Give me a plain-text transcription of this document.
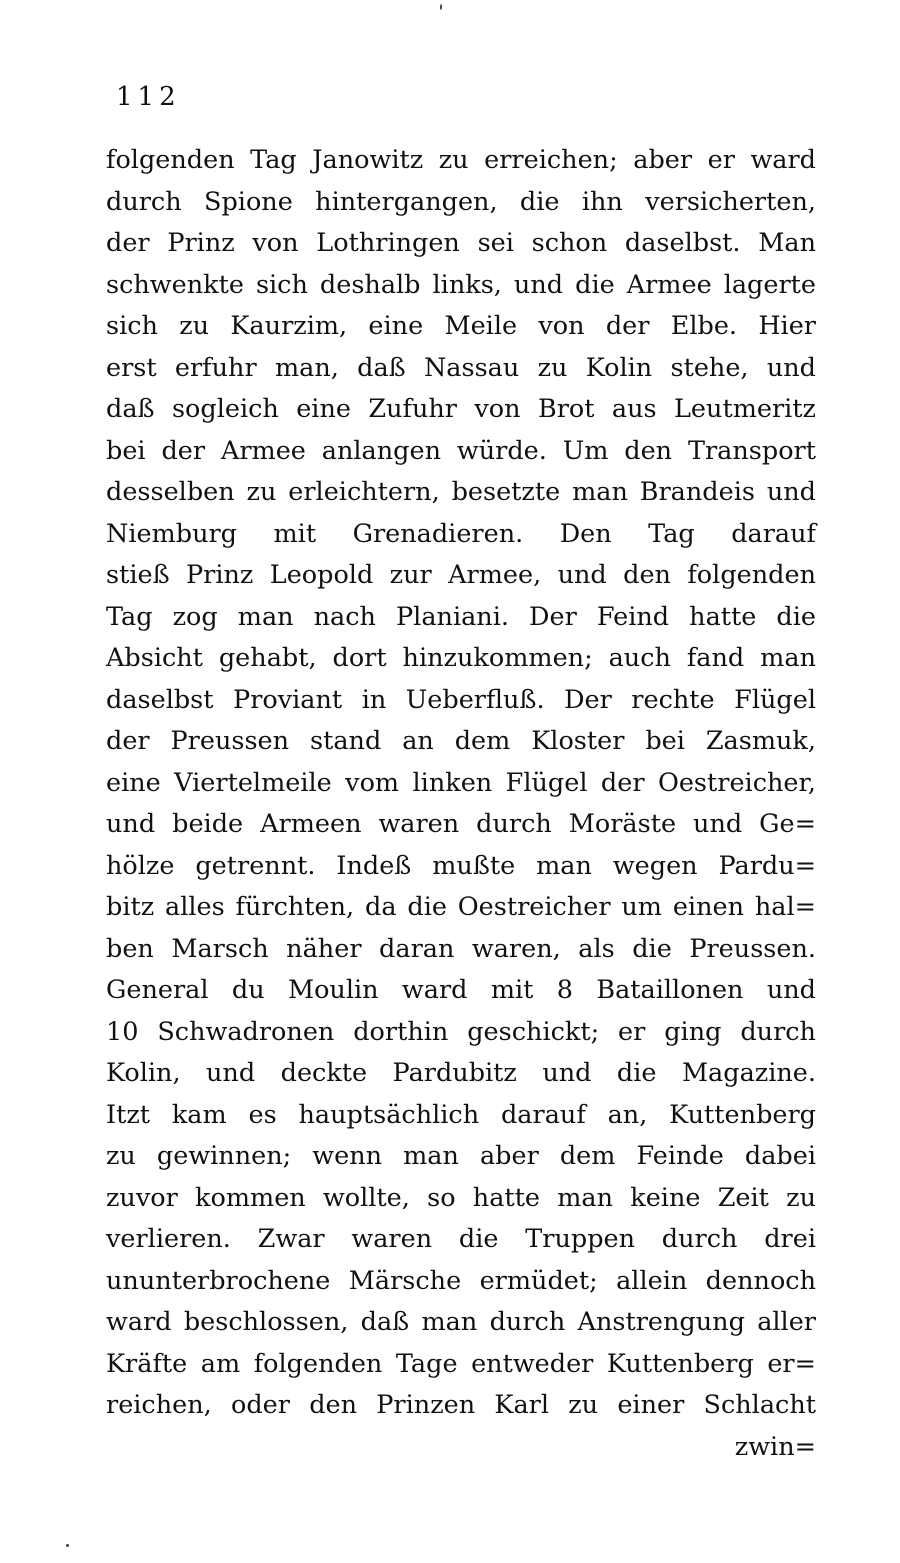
112
folgenden Tag Janowitz zu erreichen; aber er ward
durch Spione hintergangen, die ihn versicherten,
der Prinz von Lothringen sei schon daselbst. Man
schwenkte sich deshalb links, und die Armee lagerte
sich zu Kaurzim, eine Meile von der Elbe. Hier
erst erfuhr man, daß Nassau zu Kolin stehe, und
daß sogleich eine Zufuhr von Brot aus Leutmeritz
bei der Armee anlangen würde. Um den Transport
desselben zu erleichtern, besetzte man Brandeis und
Niemburg mit Grenadieren. Den Tag darauf
stieß Prinz Leopold zur Armee, und den folgenden
Tag zog man nach Planiani. Der Feind hatte die
Absicht gehabt, dort hinzukommen; auch fand man
daselbst Proviant in Ueberfluß. Der rechte Flügel
der Preussen stand an dem Kloster bei Zasmuk,
eine Viertelmeile vom linken Flügel der Oestreicher,
und beide Armeen waren durch Moräste und Ge=
hölze getrennt. Indeß mußte man wegen Pardu=
bitz alles fürchten, da die Oestreicher um einen hal=
ben Marsch näher daran waren, als die Preussen.
General du Moulin ward mit 8 Bataillonen und
10 Schwadronen dorthin geschickt; er ging durch
Kolin, und deckte Pardubitz und die Magazine.
Itzt kam es hauptsächlich darauf an, Kuttenberg
zu gewinnen; wenn man aber dem Feinde dabei
zuvor kommen wollte, so hatte man keine Zeit zu
verlieren. Zwar waren die Truppen durch drei
ununterbrochene Märsche ermüdet; allein dennoch
ward beschlossen, daß man durch Anstrengung aller
Kräfte am folgenden Tage entweder Kuttenberg er=
reichen, oder den Prinzen Karl zu einer Schlacht
zwin=
